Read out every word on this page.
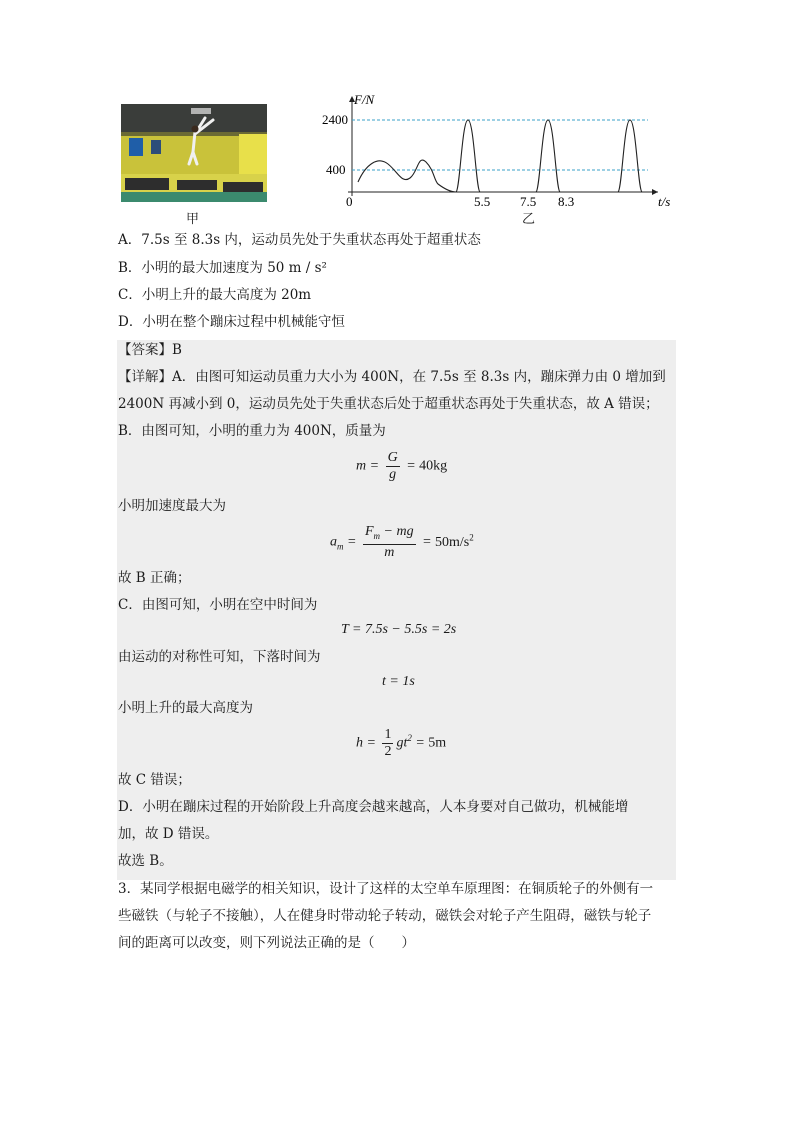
甲
2400
400
F/N
0	5.5 7.5 8.3	t/s
乙
A．7.5s 至 8.3s 内，运动员先处于失重状态再处于超重状态
B．小明的最大加速度为 50 m / s²
C．小明上升的最大高度为 20m
D．小明在整个蹦床过程中机械能守恒
【答案】B
【详解】A．由图可知运动员重力大小为 400N，在 7.5s 至 8.3s 内，蹦床弹力由 0 增加到
2400N 再减小到 0，运动员先处于失重状态后处于超重状态再处于失重状态，故 A 错误；
B．由图可知，小明的重力为 400N，质量为
$m = \frac{G}{g} = 40kg$
小明加速度最大为
$a_m = \frac{F_m - mg}{m} = 50m/s^2$
故 B 正确；
C．由图可知，小明在空中时间为
T = 7.5s − 5.5s = 2s
由运动的对称性可知，下落时间为
t = 1s
小明上升的最大高度为
$h = \frac{1}{2} gt^2 = 5m$
故 C 错误；
D．小明在蹦床过程的开始阶段上升高度会越来越高，人本身要对自己做功，机械能增
加，故 D 错误。
故选 B。
3．某同学根据电磁学的相关知识，设计了这样的太空单车原理图：在铜质轮子的外侧有一
些磁铁（与轮子不接触），人在健身时带动轮子转动，磁铁会对轮子产生阻碍，磁铁与轮子
间的距离可以改变，则下列说法正确的是（　　）
